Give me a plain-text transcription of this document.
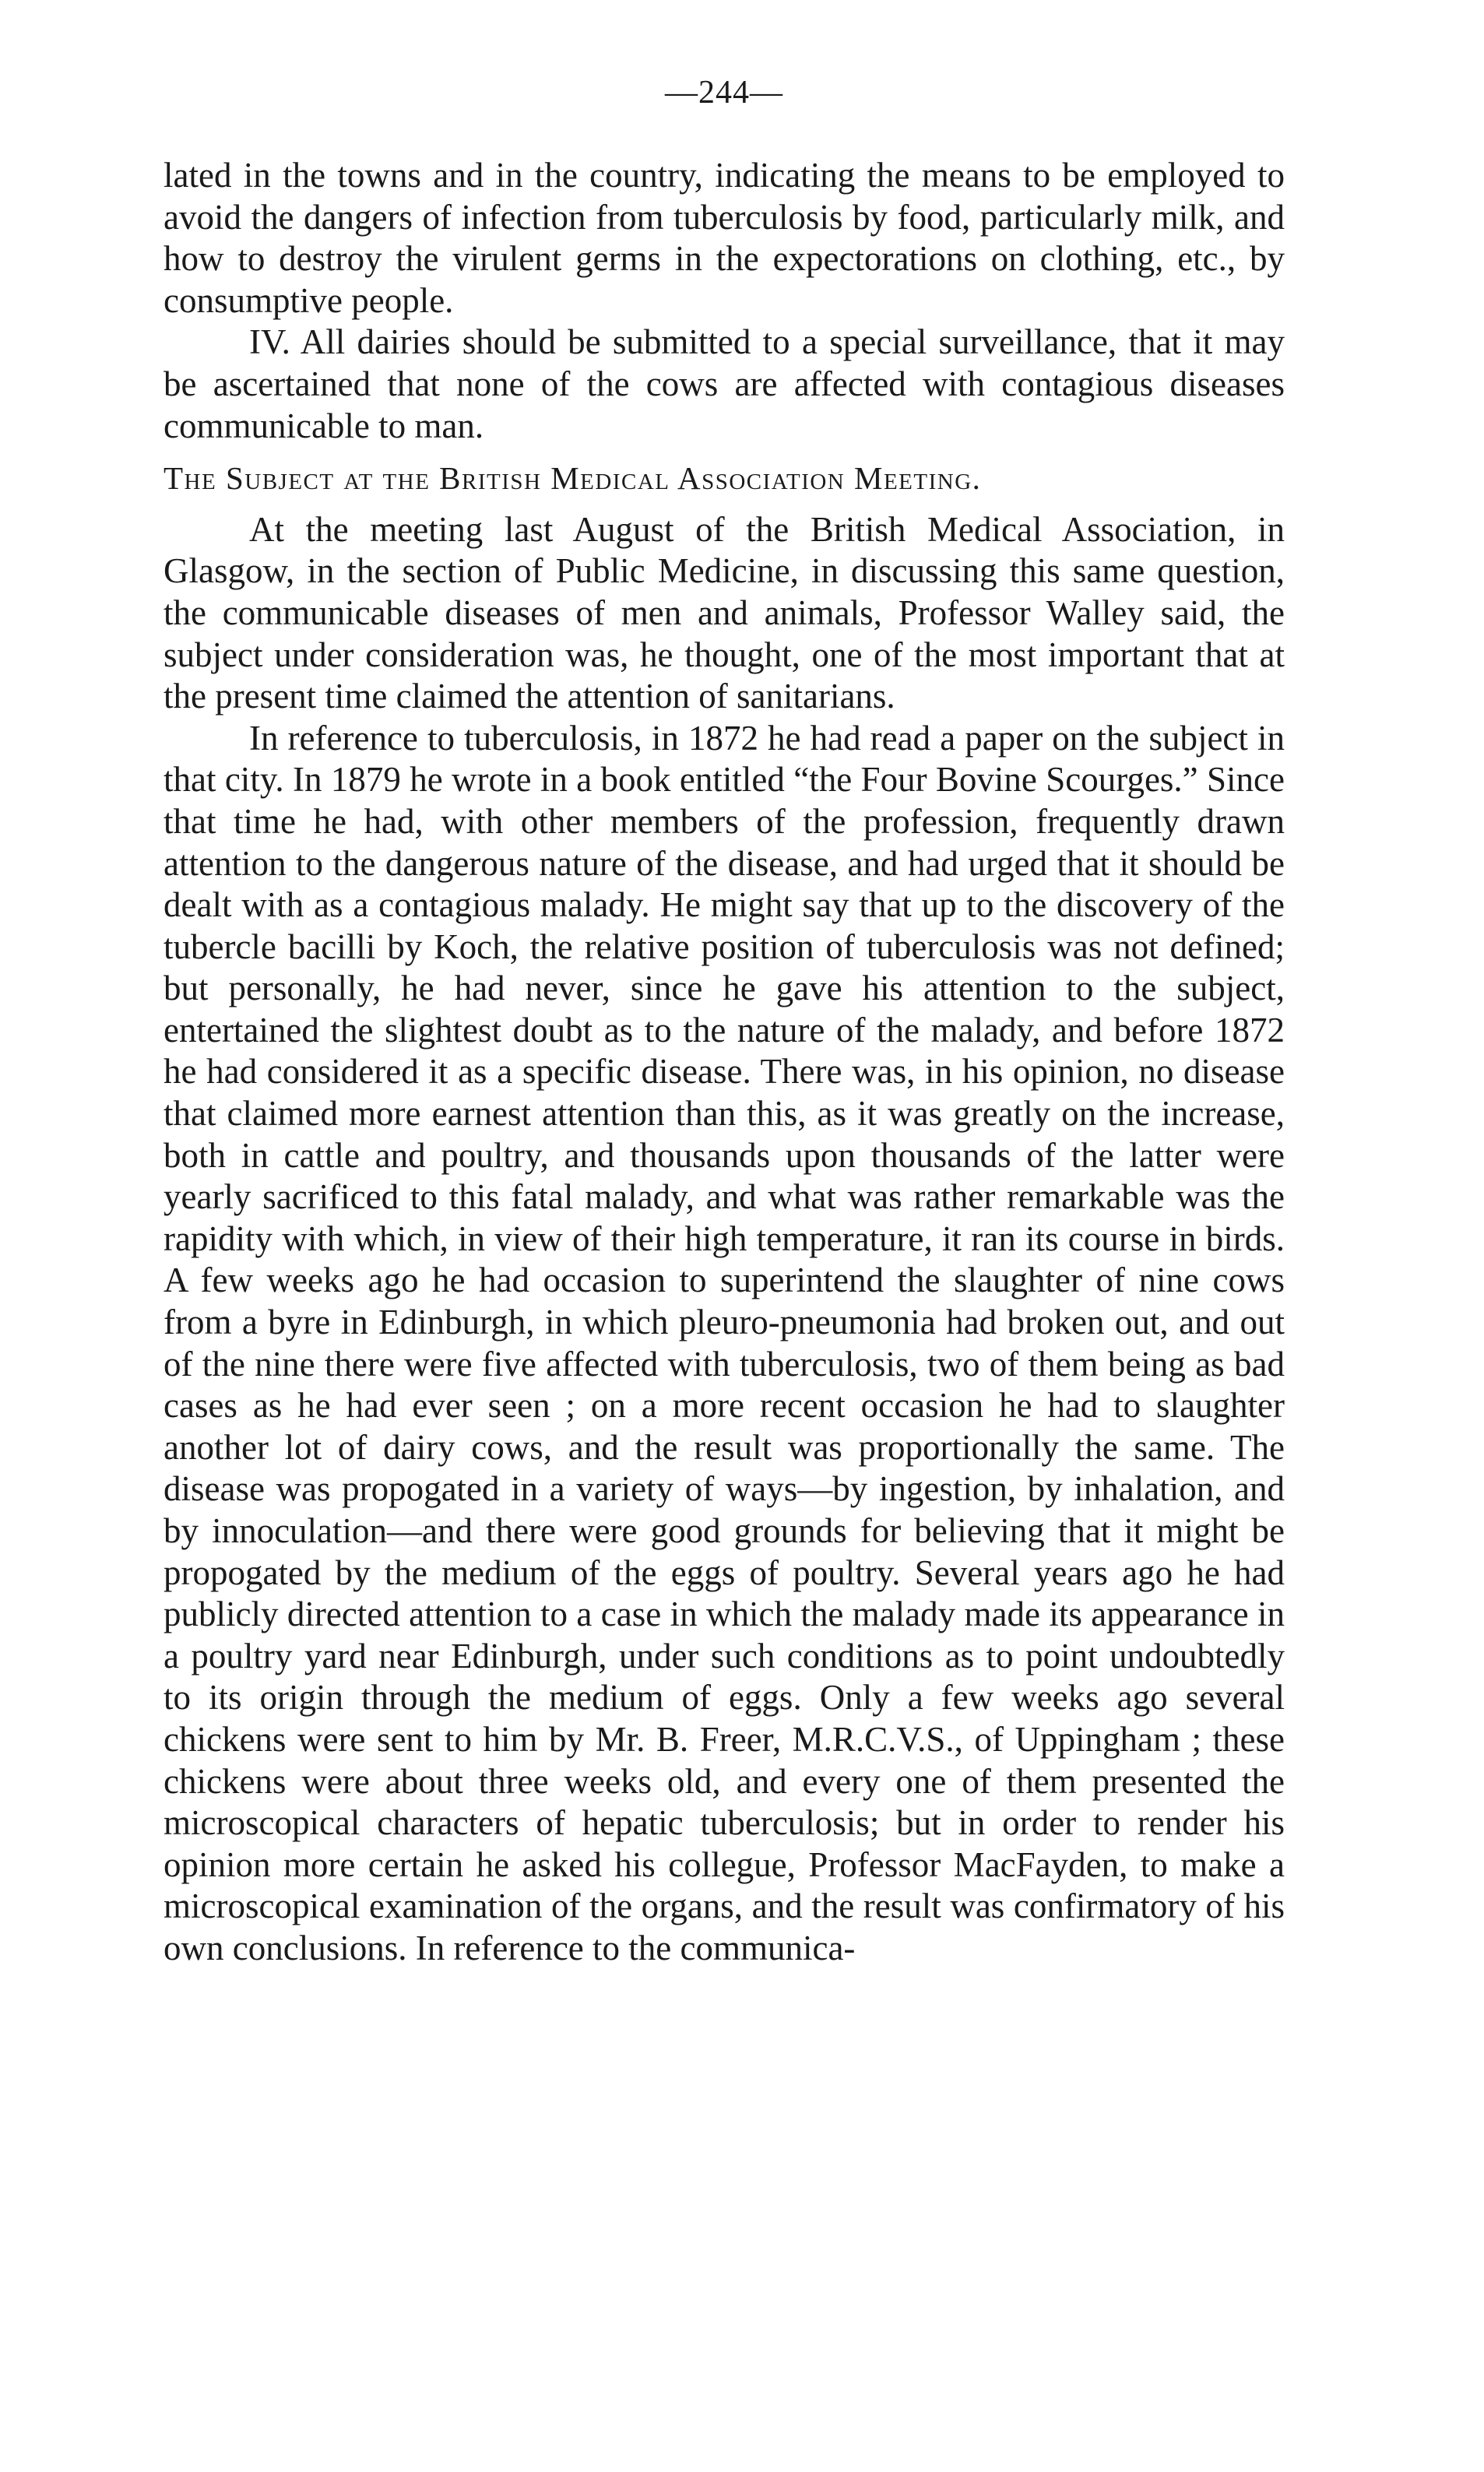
—244—

lated in the towns and in the country, indicating the means to be employed to avoid the dangers of infection from tuberculosis by food, particularly milk, and how to destroy the virulent germs in the expectorations on clothing, etc., by consumptive people.

IV. All dairies should be submitted to a special surveillance, that it may be ascertained that none of the cows are affected with contagious diseases communicable to man.

The Subject at the British Medical Association Meeting.

At the meeting last August of the British Medical Association, in Glasgow, in the section of Public Medicine, in discussing this same question, the communicable diseases of men and animals, Professor Walley said, the subject under consideration was, he thought, one of the most important that at the present time claimed the attention of sanitarians.

In reference to tuberculosis, in 1872 he had read a paper on the subject in that city. In 1879 he wrote in a book entitled “the Four Bovine Scourges.” Since that time he had, with other members of the profession, frequently drawn attention to the dangerous nature of the disease, and had urged that it should be dealt with as a contagious malady. He might say that up to the discovery of the tubercle bacilli by Koch, the relative position of tuberculosis was not defined; but personally, he had never, since he gave his attention to the subject, entertained the slightest doubt as to the nature of the malady, and before 1872 he had considered it as a specific disease. There was, in his opinion, no disease that claimed more earnest attention than this, as it was greatly on the increase, both in cattle and poultry, and thousands upon thousands of the latter were yearly sacrificed to this fatal malady, and what was rather remarkable was the rapidity with which, in view of their high temperature, it ran its course in birds. A few weeks ago he had occasion to superintend the slaughter of nine cows from a byre in Edinburgh, in which pleuro-pneumonia had broken out, and out of the nine there were five affected with tuberculosis, two of them being as bad cases as he had ever seen ; on a more recent occasion he had to slaughter another lot of dairy cows, and the result was proportionally the same. The disease was propogated in a variety of ways—by ingestion, by inhalation, and by innoculation—and there were good grounds for believing that it might be propogated by the medium of the eggs of poultry. Several years ago he had publicly directed attention to a case in which the malady made its appearance in a poultry yard near Edinburgh, under such conditions as to point undoubtedly to its origin through the medium of eggs. Only a few weeks ago several chickens were sent to him by Mr. B. Freer, M.R.C.V.S., of Uppingham ; these chickens were about three weeks old, and every one of them presented the microscopical characters of hepatic tuberculosis; but in order to render his opinion more certain he asked his collegue, Professor MacFayden, to make a microscopical examination of the organs, and the result was confirmatory of his own conclusions. In reference to the communica-
